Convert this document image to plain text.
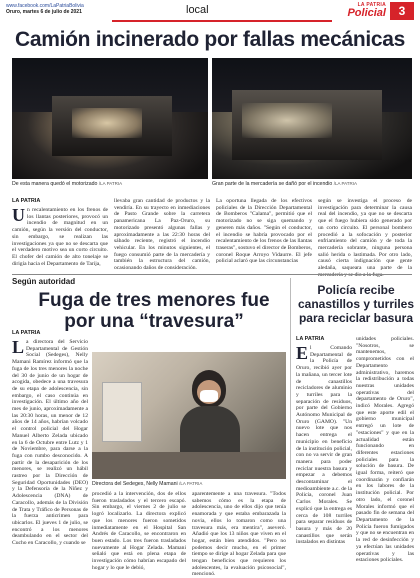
www.facebook.com/LaPatriaBolivia
Oruro, martes 6 de julio de 2021	local	LA PATRIA
Policial	3
Camión incinerado por fallas mecánicas
De esta manera quedó el motorizado /LA PATRIA	Gran parte de la mercadería se dañó por el incendio /LA PATRIA
LA PATRIA
Un recalentamiento en los frenos de los llantas posteriores, provocó un incendio de magnitud en un camión, según la versión del conductor, sin embargo, se realizan las investigaciones ya que no se descarta que el verdadero motivo sea un corto circuito. El chofer del camión de alto tonelaje se dirigía hacia el Departamento de Tarija,
llevaba gran cantidad de productos y la vendiría. En su trayecto en inmediaciones de Pasto Grande sobre la carretera panamericana La Paz-Oruro, su motorizado presentó algunas fallas y aproximadamente a las 22:30 horas del sábado reciente, registró el incendio vehicular. En los minutos siguientes, el fuego consumió parte de la mercadería y también la estructura del camión, ocasionando daños de consideración.
La oportuna llegada de los efectivos policiales de la Dirección Departamental de Bomberos "Calama", permitió que el motorizado no se siga quemando y generen más daños. "Según el conductor, el incendio se habría provocado por el recalentamiento de los frenos de las llantas traseras", sostuvo el director de Bomberos, coronel Roque Arroyo Vidaurre. El jefe policial aclaró que las circunstancias
según se investiga el proceso de investigación para determinar la causa real del incendio, ya que no se descarta que el fuego hubiera sido generado por un corto circuito. El personal bombero procedió a la sofocación y posterior enfriamiento del camión y de toda la mercadería sobrante, ninguna persona salió herida o lastimada. Por otro lado, causó cierta indignación que gente aledaña, saqueara una parte de la
Según autoridad
Fuga de tres menores fue por una “travesura”
LA PATRIA
La directora del Servicio Departamental de Gestión Social (Sedeges), Nelly Mamani Ramírez informó que la fuga de los tres menores la noche del 30 de junio de un hogar de acogida, obedece a una travesura de su etapa de adolescencia, sin embargo, el caso continúa en investigación. El último año del mes de junio, aproximadamente a las 20:30 horas, un menor de 12 años de 14 años, habrían volcado el control policial del Hogar Manuel Alberto Zelada ubicado en la 6 de Octubre entre Lutz y 1 de Noviembre, para darse a la fuga con rumbo desconocido. A partir de la desaparición de los menores, se realizó un hábil rastreo por la Dirección de Seguridad Oportunidades (DEO) y la Defensoría de la Niñez y Adolescencia (DNA) de Caracollo, además de la División de Trata y Tráfico de Personas de la fuerza anticrimen para ubicarlos. El jueves 1 de julio, se encontró a los menores deambulando en el sector del Cucho en Caracollo, y cuando se
Directora del Sedeges, Nelly Mamani /LA PATRIA
procedió a la intervención, dos de ellos fueron trasladados y el tercero escapó. Sin embargo, el viernes 2 de julio se logró localizarlo. La directora explicó que los menores fueron sometidos inmediatamente en el Hospital San Andrés de Caracollo, se encontraron en buen estado. Los tres fueron trasladados nuevamente al Hogar Zelada. Mamani señaló que está en plena etapa de investigación cómo habrían escapado del hogar y lo que le debió,
aparentemente a una travesura. "Todos sabemos cómo es la etapa de adolescencia, uno de ellos dijo que tenía enamorada y que estaba embarazada la novia, ellos lo tomaron como una travesura más, era mentira", aseveró. Añadió que los 13 niños que viven en el hogar, están bien atendidos. "Pero no podemos decir mucho, en el primer tiempo se dirige al hogar Zelada para que tengan beneficios que requieren los adolescentes, la evaluación psicosocial", mencionó.
Policía recibe canastillos y turriles para reciclar basura
LA PATRIA
El Comando Departamental de la Policía de Oruro, recibió ayer por la mañana, un tercer lote de canastillos recicladores de aluminio y turriles para la separación de residuos, por parte del Gobierno Autónomo Municipal de Oruro (GAMO). "Un nuevo lote que nos hacen entrega el municipio en beneficio de la institución policial, con no va servir de gran manera para poder reciclar nuestra basura y empezar a debemos descontaminar el medioambiente a.c. de la Policía, coronel Juan Carlos Morales. Se explicó que la entrega es cerca de 108 turriles para separar residuos de basura y más de 20 canastillos que serán instalados en distintas
unidades policiales. "Nosotros, se mantenemos, comprometidos con el Departamento administrativo, haremos la redistribución a todas nuestras unidades operativas del departamento de Oruro", indicó Morales. Agregó que este aporte edil el gobierno municipal entregó un lote de "estaciones" y que en la actualidad están funcionando en diferentes estaciones policiales para la solución de basura. De igual forma, reiteró que coordinarán y confiarán en los labores de la institución policial. Por otro lado, el coronel Morales informó que el pasado fin de semana del Departamento de la Policía fueron fumigados y que no se encuentran en la red de desinfección y ya efectúan las unidades operativas y las estaciones policiales.
